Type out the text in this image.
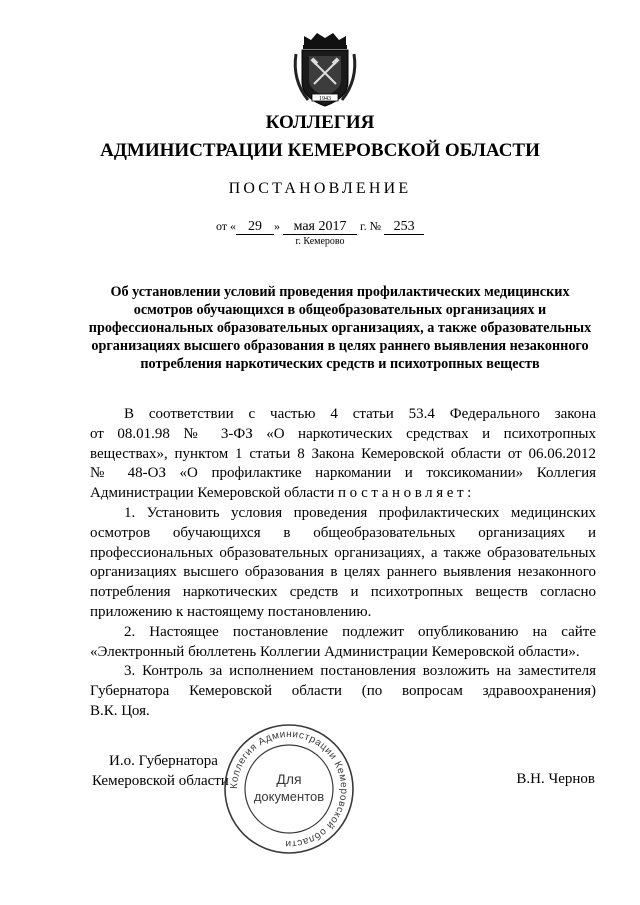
1943
КОЛЛЕГИЯ
АДМИНИСТРАЦИИ КЕМЕРОВСКОЙ ОБЛАСТИ
ПОСТАНОВЛЕНИЕ
от « 29 » мая 2017 г. № 253
г. Кемерово
Об установлении условий проведения профилактических медицинских осмотров обучающихся в общеобразовательных организациях и профессиональных образовательных организациях, а также образовательных организациях высшего образования в целях раннего выявления незаконного потребления наркотических средств и психотропных веществ

В соответствии с частью 4 статьи 53.4 Федерального закона

от 08.01.98 № 3-ФЗ «О наркотических средствах и психотропных

веществах», пунктом 1 статьи 8 Закона Кемеровской области от 06.06.2012

№ 48-ОЗ «О профилактике наркомании и токсикомании» Коллегия

Администрации Кемеровской области постановляет:

1. Установить условия проведения профилактических медицинских

осмотров обучающихся в общеобразовательных организациях и

профессиональных образовательных организациях, а также образовательных

организациях высшего образования в целях раннего выявления незаконного

потребления наркотических средств и психотропных веществ согласно

приложению к настоящему постановлению.

2. Настоящее постановление подлежит опубликованию на сайте

«Электронный бюллетень Коллегии Администрации Кемеровской области».

3. Контроль за исполнением постановления возложить на заместителя

Губернатора Кемеровской области (по вопросам здравоохранения)

В.К. Цоя.

И.о. Губернатора
Кемеровской области	В.Н. Чернов
Коллегия Администрации Кемеровской области
Для
документов
